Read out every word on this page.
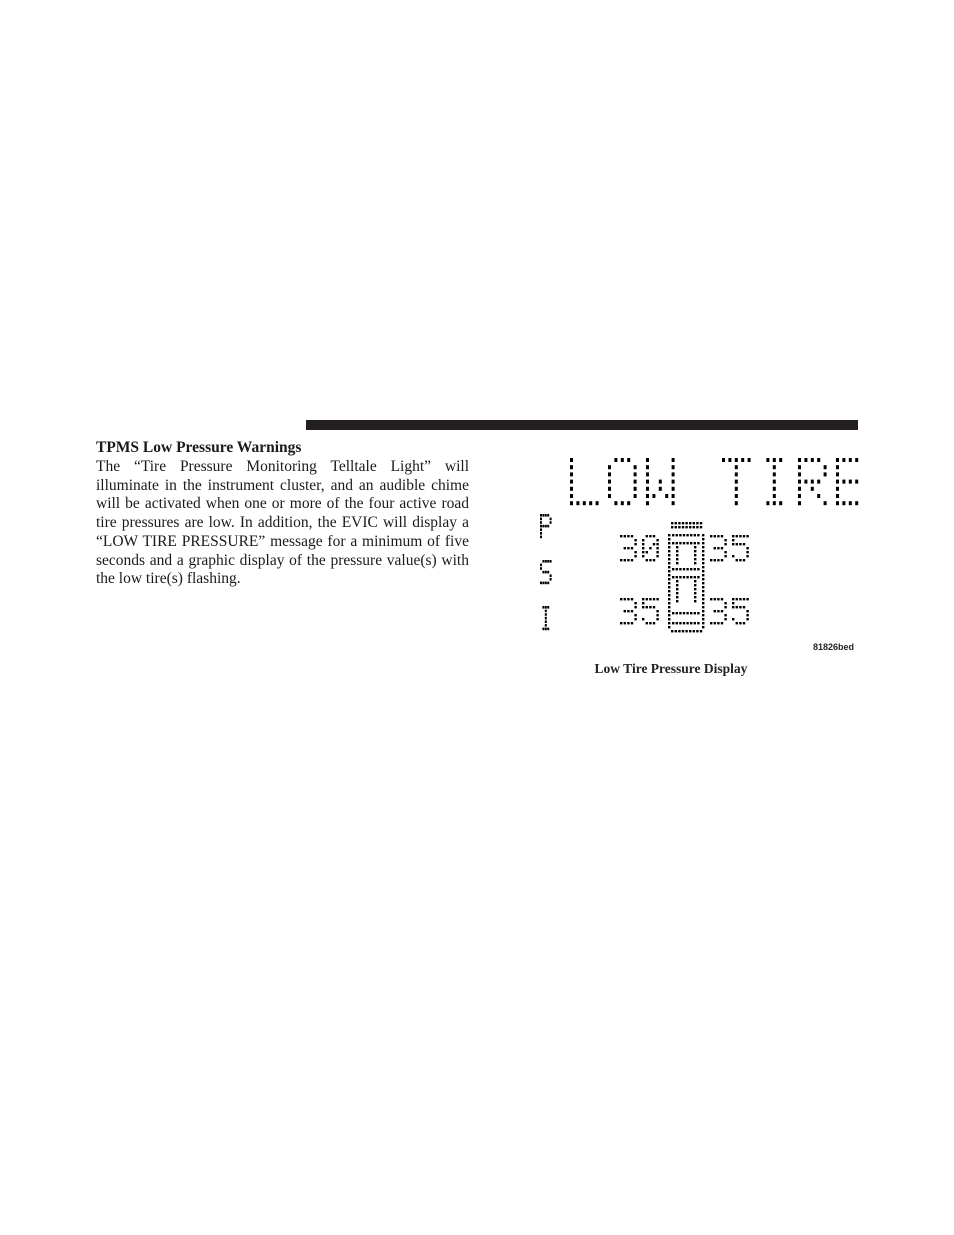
TPMS Low Pressure Warnings

The “Tire Pressure Monitoring Telltale Light” will illuminate in the instrument cluster, and an audible chime will be activated when one or more of the four active road tire pressures are low. In addition, the EVIC will display a “LOW TIRE PRESSURE” message for a minimum of five seconds and a graphic display of the pressure value(s) with the low tire(s) flashing.

81826bed
Low Tire Pressure Display
